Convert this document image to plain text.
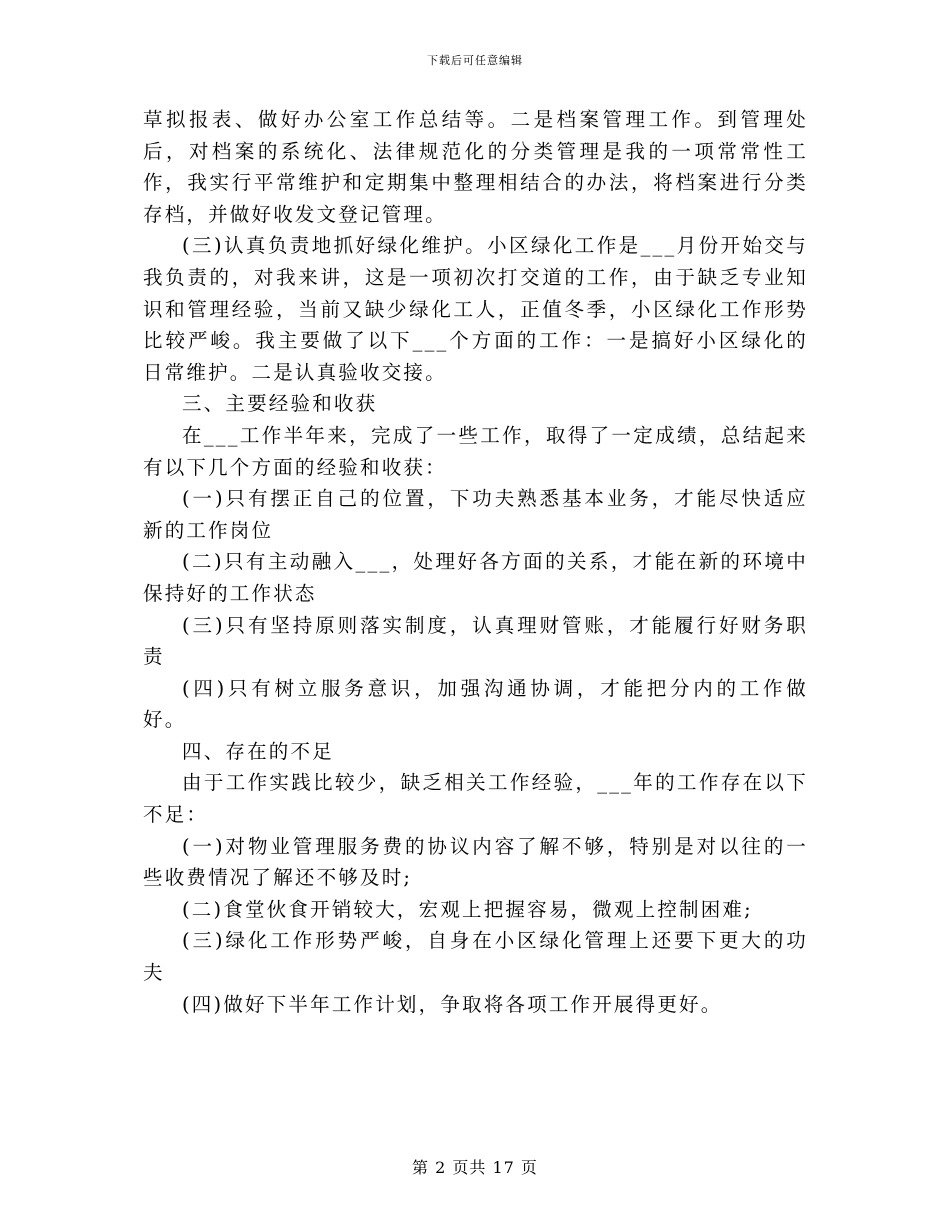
下载后可任意编辑

草拟报表、做好办公室工作总结等。二是档案管理工作。到管理处后，对档案的系统化、法律规范化的分类管理是我的一项常常性工作，我实行平常维护和定期集中整理相结合的办法，将档案进行分类存档，并做好收发文登记管理。

(三)认真负责地抓好绿化维护。小区绿化工作是___月份开始交与我负责的，对我来讲，这是一项初次打交道的工作，由于缺乏专业知识和管理经验，当前又缺少绿化工人，正值冬季，小区绿化工作形势比较严峻。我主要做了以下___个方面的工作：一是搞好小区绿化的日常维护。二是认真验收交接。

三、主要经验和收获

在___工作半年来，完成了一些工作，取得了一定成绩，总结起来有以下几个方面的经验和收获：

(一)只有摆正自己的位置，下功夫熟悉基本业务，才能尽快适应新的工作岗位

(二)只有主动融入___，处理好各方面的关系，才能在新的环境中保持好的工作状态

(三)只有坚持原则落实制度，认真理财管账，才能履行好财务职责

(四)只有树立服务意识，加强沟通协调，才能把分内的工作做好。

四、存在的不足

由于工作实践比较少，缺乏相关工作经验，___年的工作存在以下不足：

(一)对物业管理服务费的协议内容了解不够，特别是对以往的一些收费情况了解还不够及时;

(二)食堂伙食开销较大，宏观上把握容易，微观上控制困难;

(三)绿化工作形势严峻，自身在小区绿化管理上还要下更大的功夫

(四)做好下半年工作计划，争取将各项工作开展得更好。

第 2 页共 17 页
